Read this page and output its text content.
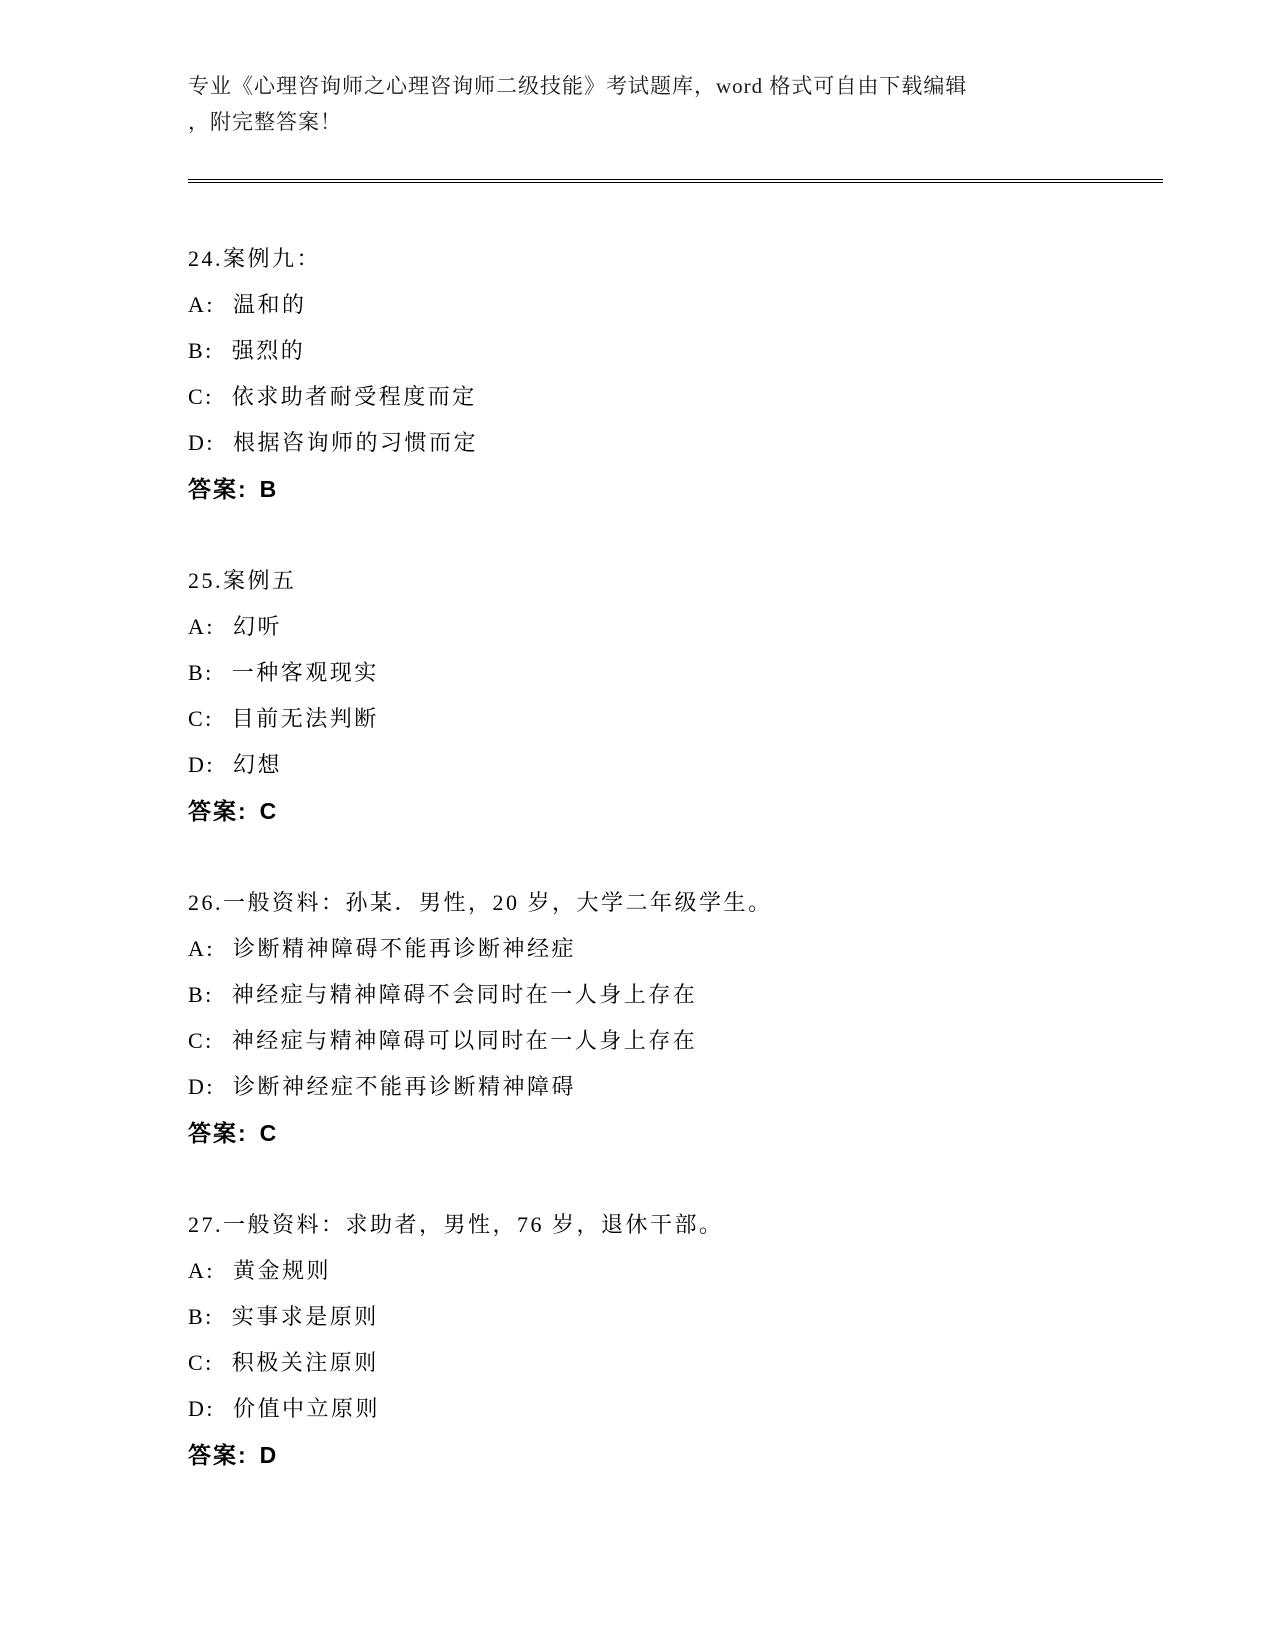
专业《心理咨询师之心理咨询师二级技能》考试题库，word 格式可自由下载编辑

，附完整答案！

24.案例九：

A: 温和的

B: 强烈的

C: 依求助者耐受程度而定

D: 根据咨询师的习惯而定

答案: B

25.案例五

A: 幻听

B: 一种客观现实

C: 目前无法判断

D: 幻想

答案: C

26.一般资料：孙某．男性，20 岁，大学二年级学生。

A: 诊断精神障碍不能再诊断神经症

B: 神经症与精神障碍不会同时在一人身上存在

C: 神经症与精神障碍可以同时在一人身上存在

D: 诊断神经症不能再诊断精神障碍

答案: C

27.一般资料：求助者，男性，76 岁，退休干部。

A: 黄金规则

B: 实事求是原则

C: 积极关注原则

D: 价值中立原则

答案: D
